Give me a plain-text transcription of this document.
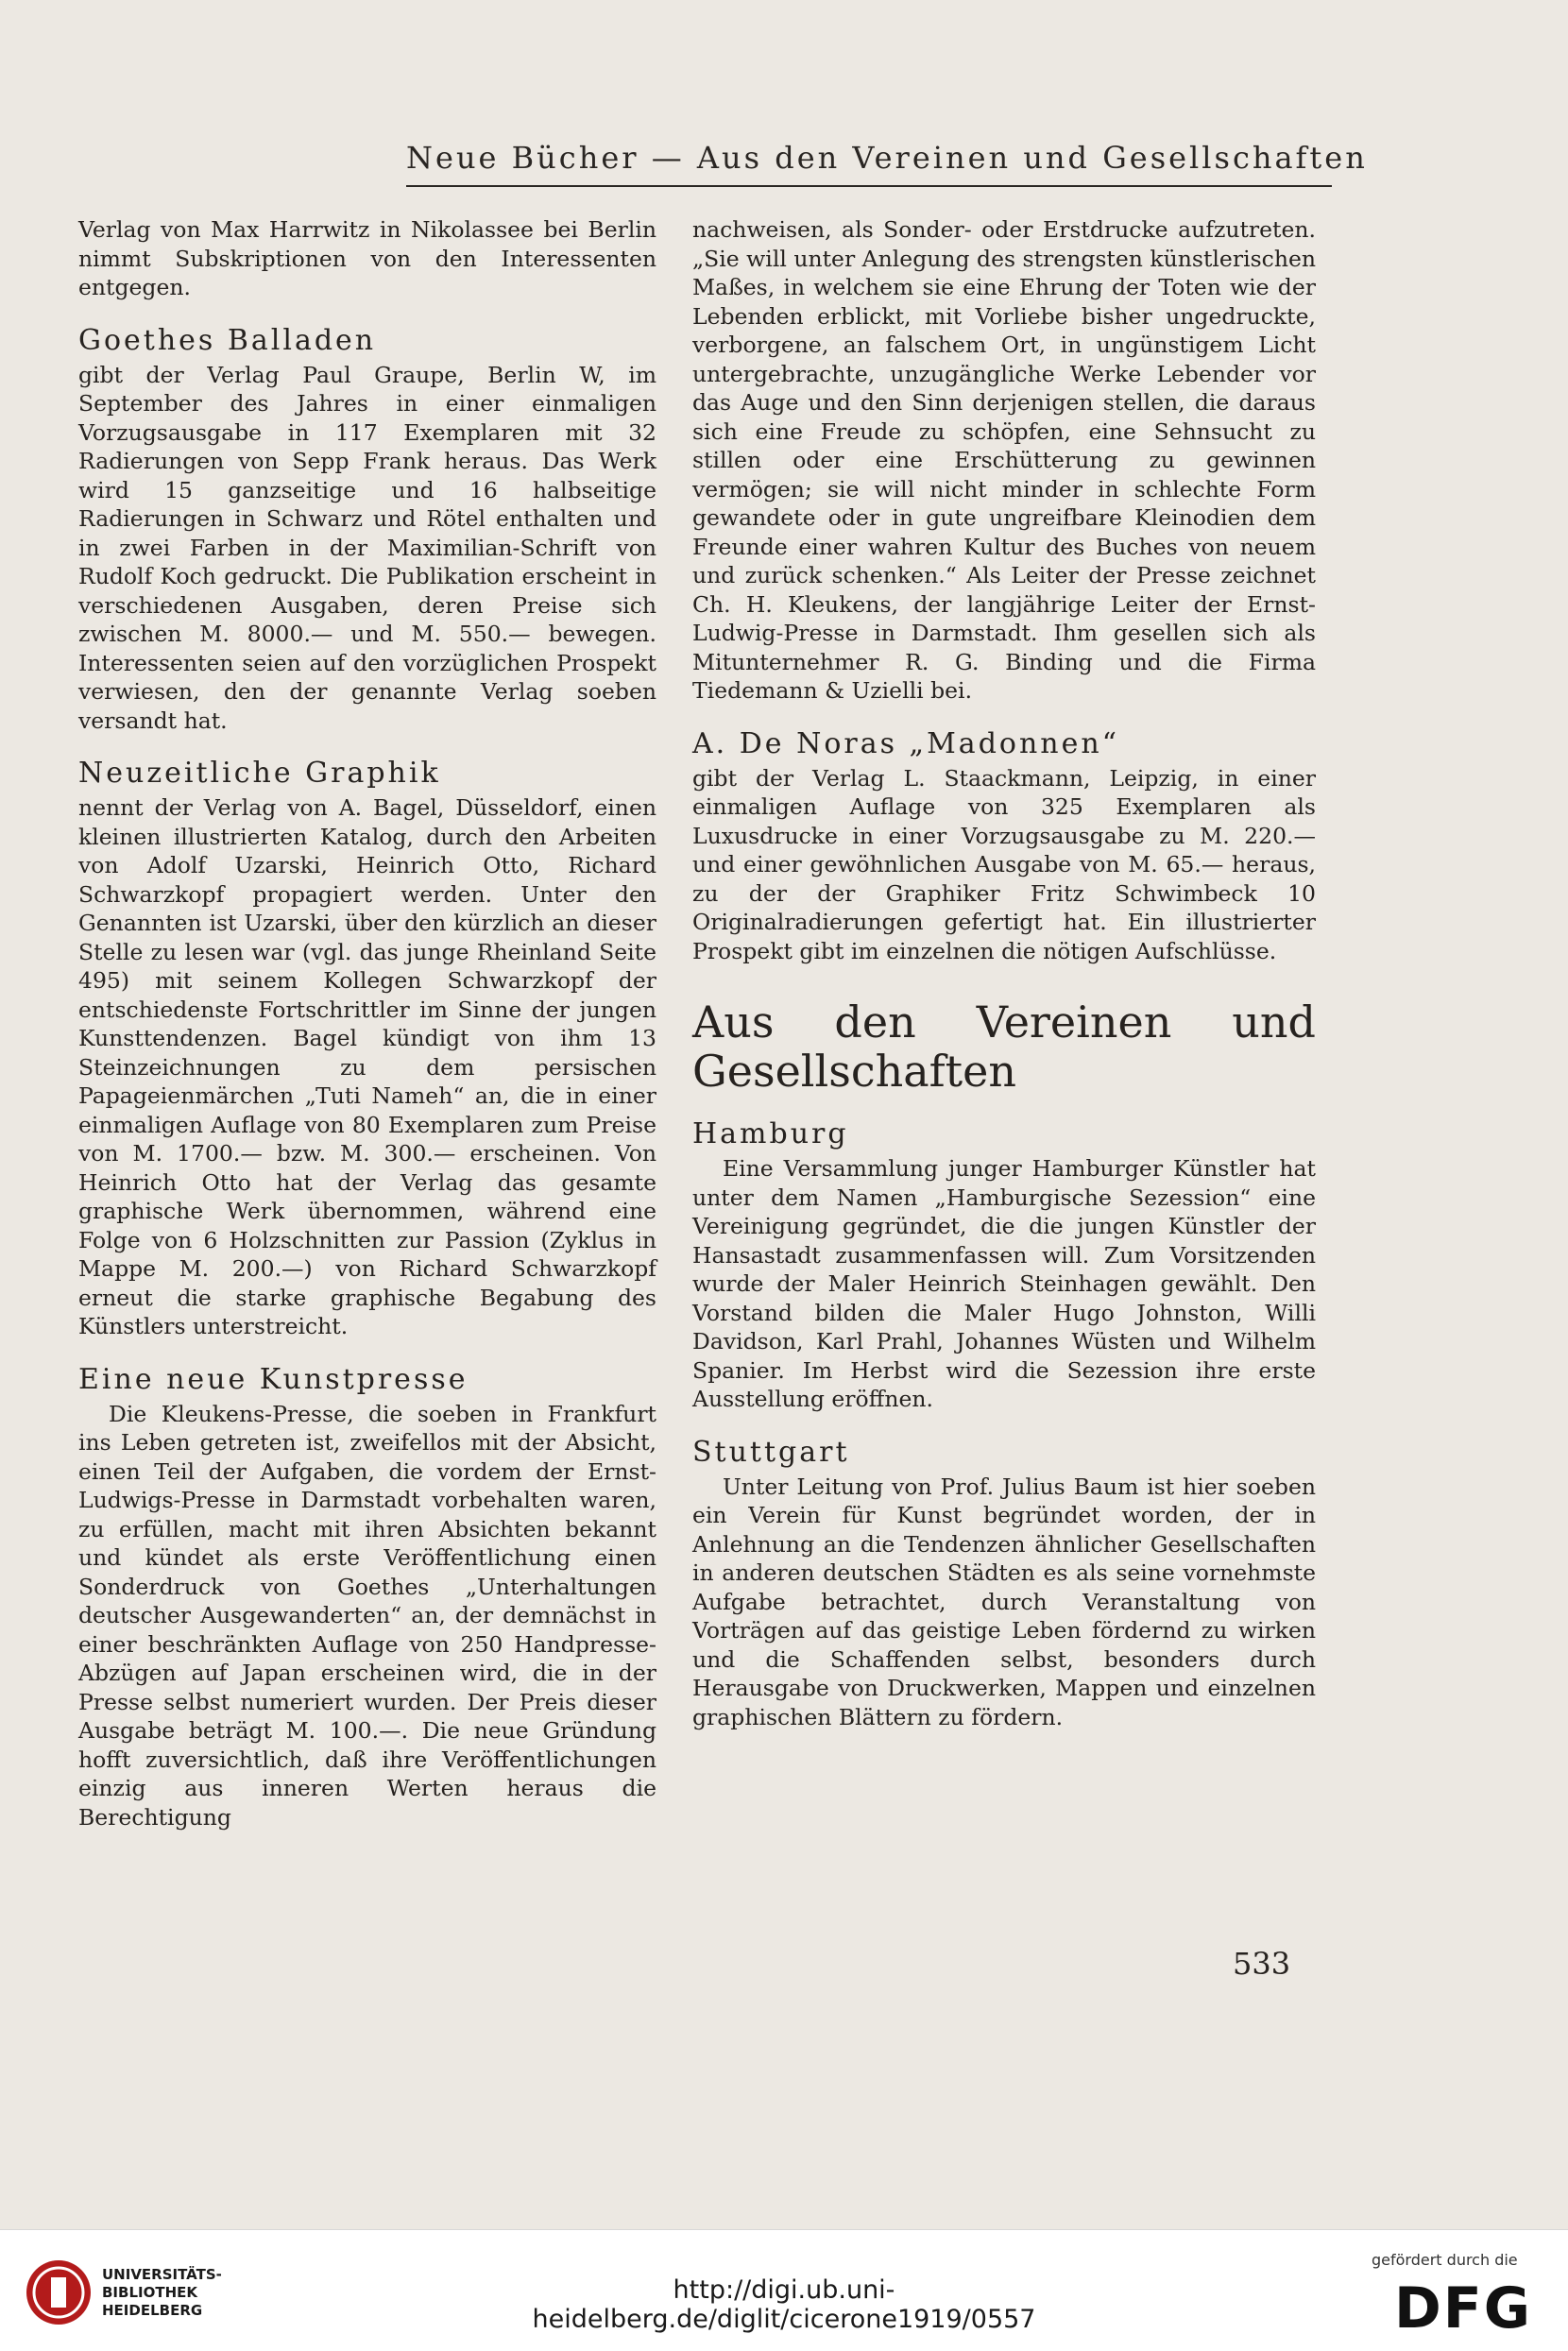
Neue Bücher — Aus den Vereinen und Gesellschaften

Verlag von Max Harrwitz in Nikolassee bei Berlin nimmt Subskriptionen von den Interessenten entgegen.

Goethes Balladen

gibt der Verlag Paul Graupe, Berlin W, im September des Jahres in einer einmaligen Vorzugsausgabe in 117 Exemplaren mit 32 Radierungen von Sepp Frank heraus. Das Werk wird 15 ganzseitige und 16 halbseitige Radierungen in Schwarz und Rötel enthalten und in zwei Farben in der Maximilian-Schrift von Rudolf Koch gedruckt. Die Publikation erscheint in verschiedenen Ausgaben, deren Preise sich zwischen M. 8000.— und M. 550.— bewegen. Interessenten seien auf den vorzüglichen Prospekt verwiesen, den der genannte Verlag soeben versandt hat.

Neuzeitliche Graphik

nennt der Verlag von A. Bagel, Düsseldorf, einen kleinen illustrierten Katalog, durch den Arbeiten von Adolf Uzarski, Heinrich Otto, Richard Schwarzkopf propagiert werden. Unter den Genannten ist Uzarski, über den kürzlich an dieser Stelle zu lesen war (vgl. das junge Rheinland Seite 495) mit seinem Kollegen Schwarzkopf der entschiedenste Fortschrittler im Sinne der jungen Kunsttendenzen. Bagel kündigt von ihm 13 Steinzeichnungen zu dem persischen Papageienmärchen „Tuti Nameh“ an, die in einer einmaligen Auflage von 80 Exemplaren zum Preise von M. 1700.— bzw. M. 300.— erscheinen. Von Heinrich Otto hat der Verlag das gesamte graphische Werk übernommen, während eine Folge von 6 Holzschnitten zur Passion (Zyklus in Mappe M. 200.—) von Richard Schwarzkopf erneut die starke graphische Begabung des Künstlers unterstreicht.

Eine neue Kunstpresse

Die Kleukens-Presse, die soeben in Frankfurt ins Leben getreten ist, zweifellos mit der Absicht, einen Teil der Aufgaben, die vordem der Ernst-Ludwigs-Presse in Darmstadt vorbehalten waren, zu erfüllen, macht mit ihren Absichten bekannt und kündet als erste Veröffentlichung einen Sonderdruck von Goethes „Unterhaltungen deutscher Ausgewanderten“ an, der demnächst in einer beschränkten Auflage von 250 Handpresse-Abzügen auf Japan erscheinen wird, die in der Presse selbst numeriert wurden. Der Preis dieser Ausgabe beträgt M. 100.—. Die neue Gründung hofft zuversichtlich, daß ihre Veröffentlichungen einzig aus inneren Werten heraus die Berechtigung

nachweisen, als Sonder- oder Erstdrucke aufzutreten. „Sie will unter Anlegung des strengsten künstlerischen Maßes, in welchem sie eine Ehrung der Toten wie der Lebenden erblickt, mit Vorliebe bisher ungedruckte, verborgene, an falschem Ort, in ungünstigem Licht untergebrachte, unzugängliche Werke Lebender vor das Auge und den Sinn derjenigen stellen, die daraus sich eine Freude zu schöpfen, eine Sehnsucht zu stillen oder eine Erschütterung zu gewinnen vermögen; sie will nicht minder in schlechte Form gewandete oder in gute ungreifbare Kleinodien dem Freunde einer wahren Kultur des Buches von neuem und zurück schenken.“ Als Leiter der Presse zeichnet Ch. H. Kleukens, der langjährige Leiter der Ernst-Ludwig-Presse in Darmstadt. Ihm gesellen sich als Mitunternehmer R. G. Binding und die Firma Tiedemann & Uzielli bei.

A. De Noras „Madonnen“

gibt der Verlag L. Staackmann, Leipzig, in einer einmaligen Auflage von 325 Exemplaren als Luxusdrucke in einer Vorzugsausgabe zu M. 220.— und einer gewöhnlichen Ausgabe von M. 65.— heraus, zu der der Graphiker Fritz Schwimbeck 10 Originalradierungen gefertigt hat. Ein illustrierter Prospekt gibt im einzelnen die nötigen Aufschlüsse.

Aus den Vereinen und Gesellschaften
Hamburg

Eine Versammlung junger Hamburger Künstler hat unter dem Namen „Hamburgische Sezession“ eine Vereinigung gegründet, die die jungen Künstler der Hansastadt zusammenfassen will. Zum Vorsitzenden wurde der Maler Heinrich Steinhagen gewählt. Den Vorstand bilden die Maler Hugo Johnston, Willi Davidson, Karl Prahl, Johannes Wüsten und Wilhelm Spanier. Im Herbst wird die Sezession ihre erste Ausstellung eröffnen.

Stuttgart

Unter Leitung von Prof. Julius Baum ist hier soeben ein Verein für Kunst begründet worden, der in Anlehnung an die Tendenzen ähnlicher Gesellschaften in anderen deutschen Städten es als seine vornehmste Aufgabe betrachtet, durch Veranstaltung von Vorträgen auf das geistige Leben fördernd zu wirken und die Schaffenden selbst, besonders durch Herausgabe von Druckwerken, Mappen und einzelnen graphischen Blättern zu fördern.

533
UNIVERSITÄTS-
BIBLIOTHEK
HEIDELBERG
http://digi.ub.uni-heidelberg.de/diglit/cicerone1919/0557
gefördert durch die
DFG
